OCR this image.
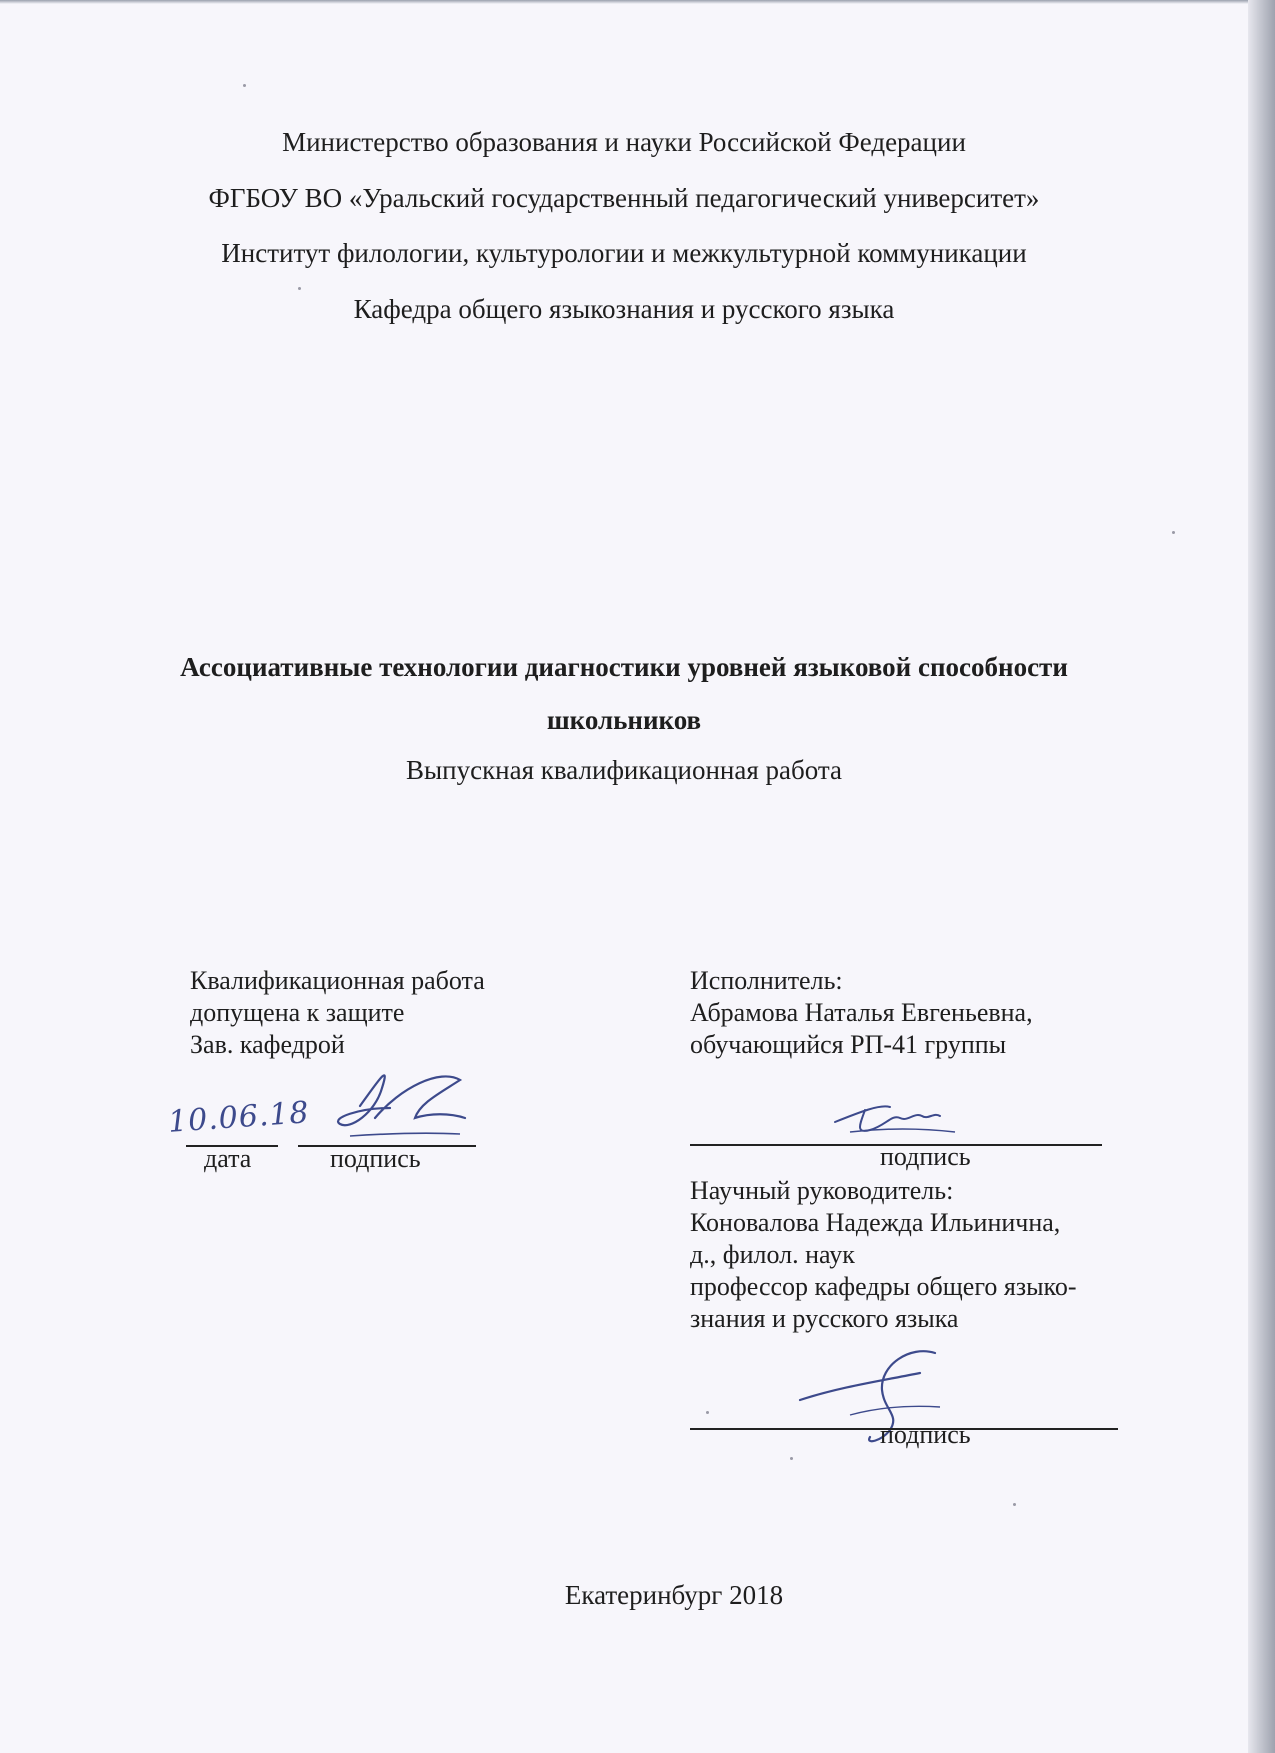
Министерство образования и науки Российской Федерации
ФГБОУ ВО «Уральский государственный педагогический университет»
Институт филологии, культурологии и межкультурной коммуникации
Кафедра общего языкознания и русского языка
Ассоциативные технологии диагностики уровней языковой способности
школьников
Выпускная квалификационная работа
Квалификационная работа
допущена к защите
Зав. кафедрой
10.06.18
дата	подпись
Исполнитель:
Абрамова Наталья Евгеньевна,
обучающийся РП-41 группы
подпись
Научный руководитель:
Коновалова Надежда Ильинична,
д., филол. наук
профессор кафедры общего языко-
знания и русского языка
подпись
Екатеринбург 2018
